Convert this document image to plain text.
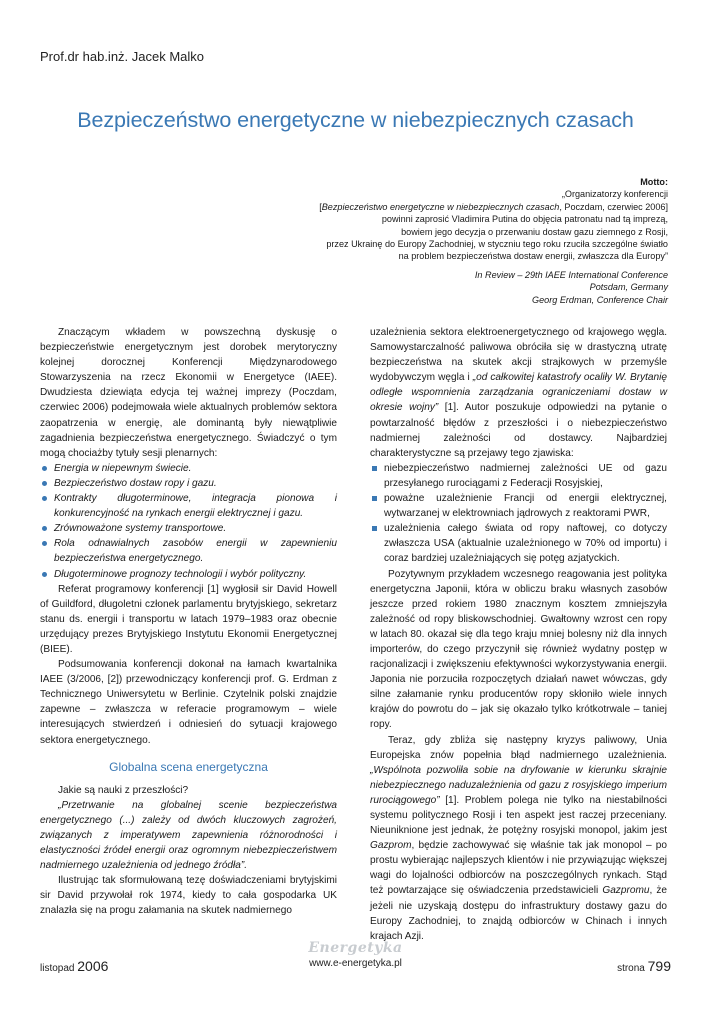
Prof.dr hab.inż. Jacek Malko
Bezpieczeństwo energetyczne w niebezpiecznych czasach

Motto:

„Organizatorzy konferencji

[Bezpieczeństwo energetyczne w niebezpiecznych czasach, Poczdam, czerwiec 2006]

powinni zaprosić Vladimira Putina do objęcia patronatu nad tą imprezą,

bowiem jego decyzja o przerwaniu dostaw gazu ziemnego z Rosji,

przez Ukrainę do Europy Zachodniej, w styczniu tego roku rzuciła szczególne światło

na problem bezpieczeństwa dostaw energii, zwłaszcza dla Europy”

In Review – 29th IAEE International Conference

Potsdam, Germany

Georg Erdman, Conference Chair

Znaczącym wkładem w powszechną dyskusję o bezpieczeństwie energetycznym jest dorobek merytoryczny kolejnej dorocznej Konferencji Międzynarodowego Stowarzyszenia na rzecz Ekonomii w Energetyce (IAEE). Dwudziesta dziewiąta edycja tej ważnej imprezy (Poczdam, czerwiec 2006) podejmowała wiele aktualnych problemów sektora zaopatrzenia w energię, ale dominantą były niewątpliwie zagadnienia bezpieczeństwa energetycznego. Świadczyć o tym mogą chociażby tytuły sesji plenarnych:

Energia w niepewnym świecie.
Bezpieczeństwo dostaw ropy i gazu.
Kontrakty długoterminowe, integracja pionowa i konkurencyjność na rynkach energii elektrycznej i gazu.
Zrównoważone systemy transportowe.
Rola odnawialnych zasobów energii w zapewnieniu bezpieczeństwa energetycznego.
Długoterminowe prognozy technologii i wybór polityczny.

Referat programowy konferencji [1] wygłosił sir David Howell of Guildford, długoletni członek parlamentu brytyjskiego, sekretarz stanu ds. energii i transportu w latach 1979–1983 oraz obecnie urzędujący prezes Brytyjskiego Instytutu Ekonomii Energetycznej (BIEE).

Podsumowania konferencji dokonał na łamach kwartalnika IAEE (3/2006, [2]) przewodniczący konferencji prof. G. Erdman z Technicznego Uniwersytetu w Berlinie. Czytelnik polski znajdzie zapewne – zwłaszcza w referacie programowym – wiele interesujących stwierdzeń i odniesień do sytuacji krajowego sektora energetycznego.

Globalna scena energetyczna

Jakie są nauki z przeszłości?

„Przetrwanie na globalnej scenie bezpieczeństwa energetycznego (...) zależy od dwóch kluczowych zagrożeń, związanych z imperatywem zapewnienia różnorodności i elastyczności źródeł energii oraz ogromnym niebezpieczeństwem nadmiernego uzależnienia od jednego źródła”.

Ilustrując tak sformułowaną tezę doświadczeniami brytyjskimi sir David przywołał rok 1974, kiedy to cała gospodarka UK znalazła się na progu załamania na skutek nadmiernego

uzależnienia sektora elektroenergetycznego od krajowego węgla. Samowystarczalność paliwowa obróciła się w drastyczną utratę bezpieczeństwa na skutek akcji strajkowych w przemyśle wydobywczym węgla i „od całkowitej katastrofy ocaliły W. Brytanię odległe wspomnienia zarządzania ograniczeniami dostaw w okresie wojny” [1]. Autor poszukuje odpowiedzi na pytanie o powtarzalność błędów z przeszłości i o niebezpieczeństwo nadmiernej zależności od dostawcy. Najbardziej charakterystyczne są przejawy tego zjawiska:

niebezpieczeństwo nadmiernej zależności UE od gazu przesyłanego rurociągami z Federacji Rosyjskiej,
poważne uzależnienie Francji od energii elektrycznej, wytwarzanej w elektrowniach jądrowych z reaktorami PWR,
uzależnienia całego świata od ropy naftowej, co dotyczy zwłaszcza USA (aktualnie uzależnionego w 70% od importu) i coraz bardziej uzależniających się potęg azjatyckich.

Pozytywnym przykładem wczesnego reagowania jest polityka energetyczna Japonii, która w obliczu braku własnych zasobów jeszcze przed rokiem 1980 znacznym kosztem zmniejszyła zależność od ropy bliskowschodniej. Gwałtowny wzrost cen ropy w latach 80. okazał się dla tego kraju mniej bolesny niż dla innych importerów, do czego przyczynił się również wydatny postęp w racjonalizacji i zwiększeniu efektywności wykorzystywania energii. Japonia nie porzuciła rozpoczętych działań nawet wówczas, gdy silne załamanie rynku producentów ropy skłoniło wiele innych krajów do powrotu do – jak się okazało tylko krótkotrwale – taniej ropy.

Teraz, gdy zbliża się następny kryzys paliwowy, Unia Europejska znów popełnia błąd nadmiernego uzależnienia. „Wspólnota pozwoliła sobie na dryfowanie w kierunku skrajnie niebezpiecznego naduzależnienia od gazu z rosyjskiego imperium rurociągowego” [1]. Problem polega nie tylko na niestabilności systemu politycznego Rosji i ten aspekt jest raczej przeceniany. Nieuniknione jest jednak, że potężny rosyjski monopol, jakim jest Gazprom, będzie zachowywać się właśnie tak jak monopol – po prostu wybierając najlepszych klientów i nie przywiązując większej wagi do lojalności odbiorców na poszczególnych rynkach. Stąd też powtarzające się oświadczenia przedstawicieli Gazpromu, że jeżeli nie uzyskają dostępu do infrastruktury dostawy gazu do Europy Zachodniej, to znajdą odbiorców w Chinach i innych krajach Azji.

Energetyka
listopad 2006	www.e-energetyka.pl	strona 799
